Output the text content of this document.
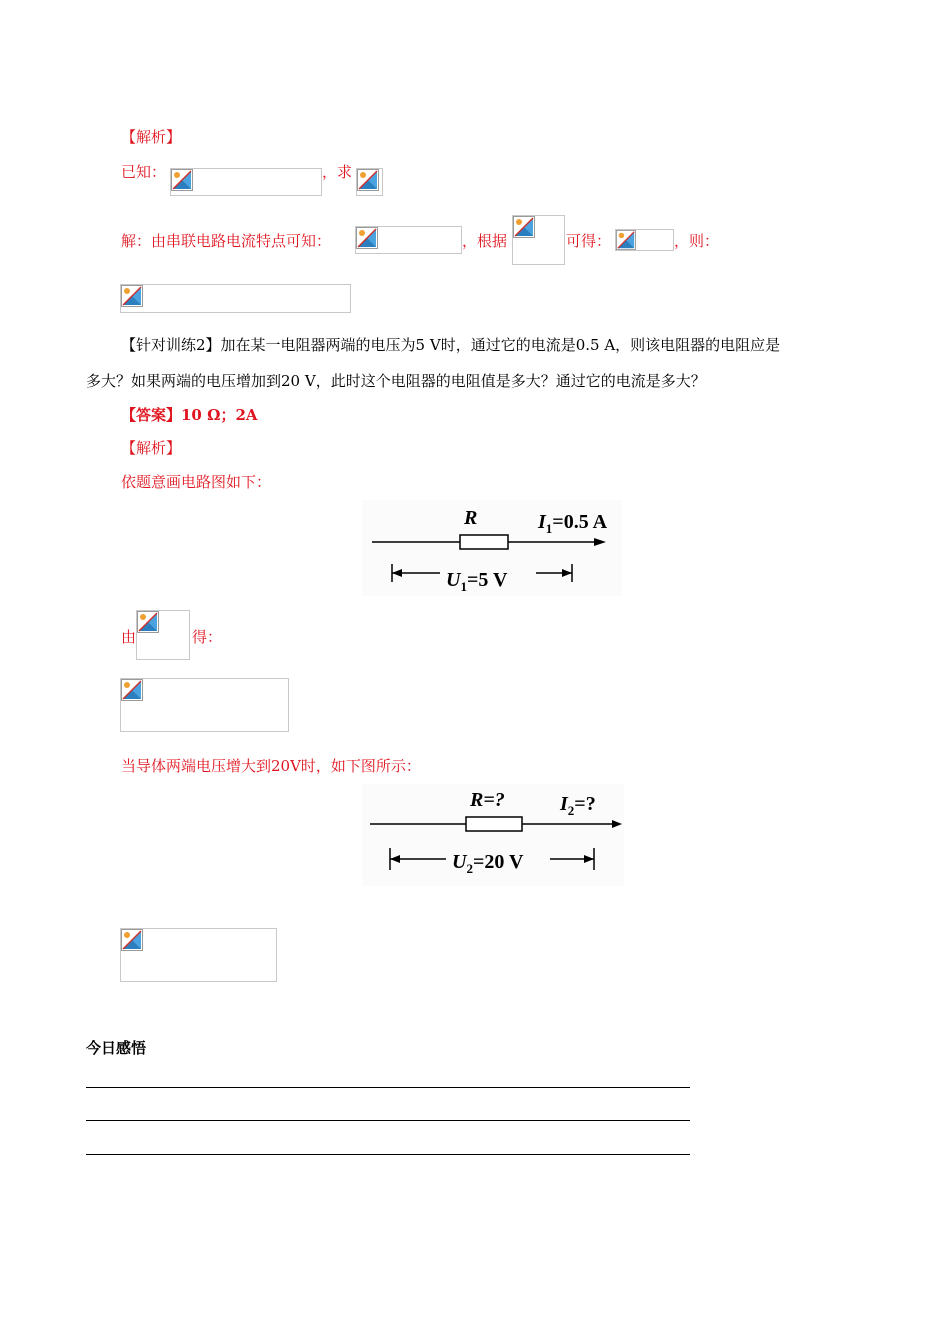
【解析】
已知：	，求
解：由串联电路电流特点可知：	，根据	可得：	，则：
【针对训练2】加在某一电阻器两端的电压为5 V时，通过它的电流是0.5 A，则该电阻器的电阻应是
多大？如果两端的电压增加到20 V，此时这个电阻器的电阻值是多大？通过它的电流是多大？
【答案】10 Ω；2A
【解析】
依题意画电路图如下：
R	$I_1=0.5$ A
$U_1=5$ V
由	得：
当导体两端电压增大到20V时，如下图所示：
R=?	$I_2=$?
$U_2=20$ V
今日感悟
